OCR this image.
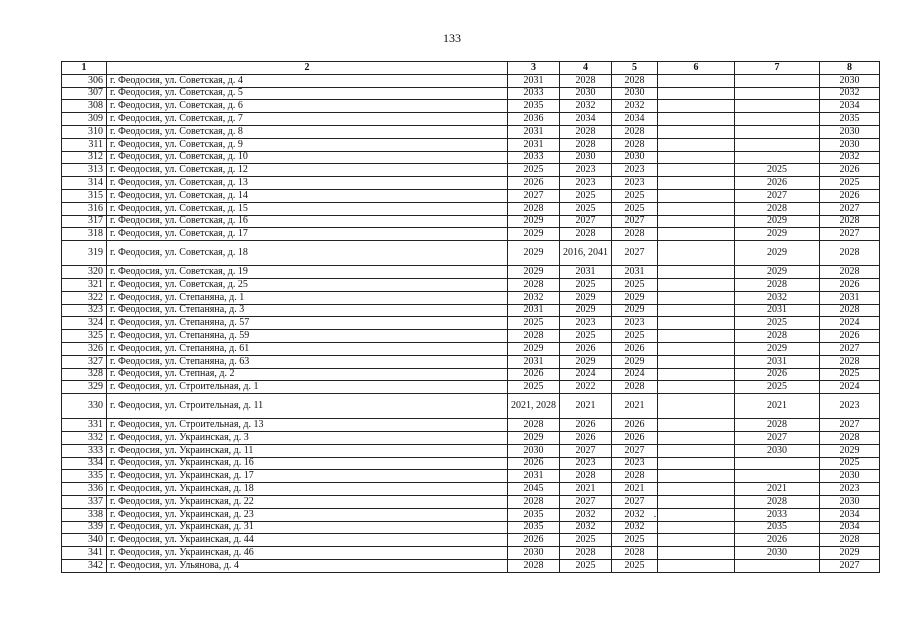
133
1	2	3	4	5	6	7	8
306	г. Феодосия, ул. Советская, д. 4	2031	2028	2028			2030
307	г. Феодосия, ул. Советская, д. 5	2033	2030	2030			2032
308	г. Феодосия, ул. Советская, д. 6	2035	2032	2032			2034
309	г. Феодосия, ул. Советская, д. 7	2036	2034	2034			2035
310	г. Феодосия, ул. Советская, д. 8	2031	2028	2028			2030
311	г. Феодосия, ул. Советская, д. 9	2031	2028	2028			2030
312	г. Феодосия, ул. Советская, д. 10	2033	2030	2030			2032
313	г. Феодосия, ул. Советская, д. 12	2025	2023	2023		2025	2026
314	г. Феодосия, ул. Советская, д. 13	2026	2023	2023		2026	2025
315	г. Феодосия, ул. Советская, д. 14	2027	2025	2025		2027	2026
316	г. Феодосия, ул. Советская, д. 15	2028	2025	2025		2028	2027
317	г. Феодосия, ул. Советская, д. 16	2029	2027	2027		2029	2028
318	г. Феодосия, ул. Советская, д. 17	2029	2028	2028		2029	2027
319	г. Феодосия, ул. Советская, д. 18	2029	2016, 2041	2027		2029	2028
320	г. Феодосия, ул. Советская, д. 19	2029	2031	2031		2029	2028
321	г. Феодосия, ул. Советская, д. 25	2028	2025	2025		2028	2026
322	г. Феодосия, ул. Степаняна, д. 1	2032	2029	2029		2032	2031
323	г. Феодосия, ул. Степаняна, д. 3	2031	2029	2029		2031	2028
324	г. Феодосия, ул. Степаняна, д. 57	2025	2023	2023		2025	2024
325	г. Феодосия, ул. Степаняна, д. 59	2028	2025	2025		2028	2026
326	г. Феодосия, ул. Степаняна, д. 61	2029	2026	2026		2029	2027
327	г. Феодосия, ул. Степаняна, д. 63	2031	2029	2029		2031	2028
328	г. Феодосия, ул. Степная, д. 2	2026	2024	2024		2026	2025
329	г. Феодосия, ул. Строительная, д. 1	2025	2022	2028		2025	2024
330	г. Феодосия, ул. Строительная, д. 11	2021, 2028	2021	2021		2021	2023
331	г. Феодосия, ул. Строительная, д. 13	2028	2026	2026		2028	2027
332	г. Феодосия, ул. Украинская, д. 3	2029	2026	2026		2027	2028
333	г. Феодосия, ул. Украинская, д. 11	2030	2027	2027		2030	2029
334	г. Феодосия, ул. Украинская, д. 16	2026	2023	2023			2025
335	г. Феодосия, ул. Украинская, д. 17	2031	2028	2028			2030
336	г. Феодосия, ул. Украинская, д. 18	2045	2021	2021		2021	2023
337	г. Феодосия, ул. Украинская, д. 22	2028	2027	2027		2028	2030
338	г. Феодосия, ул. Украинская, д. 23	2035	2032	2032		2033	2034
339	г. Феодосия, ул. Украинская, д. 31	2035	2032	2032		2035	2034
340	г. Феодосия, ул. Украинская, д. 44	2026	2025	2025		2026	2028
341	г. Феодосия, ул. Украинская, д. 46	2030	2028	2028		2030	2029
342	г. Феодосия, ул. Ульянова, д. 4	2028	2025	2025			2027
